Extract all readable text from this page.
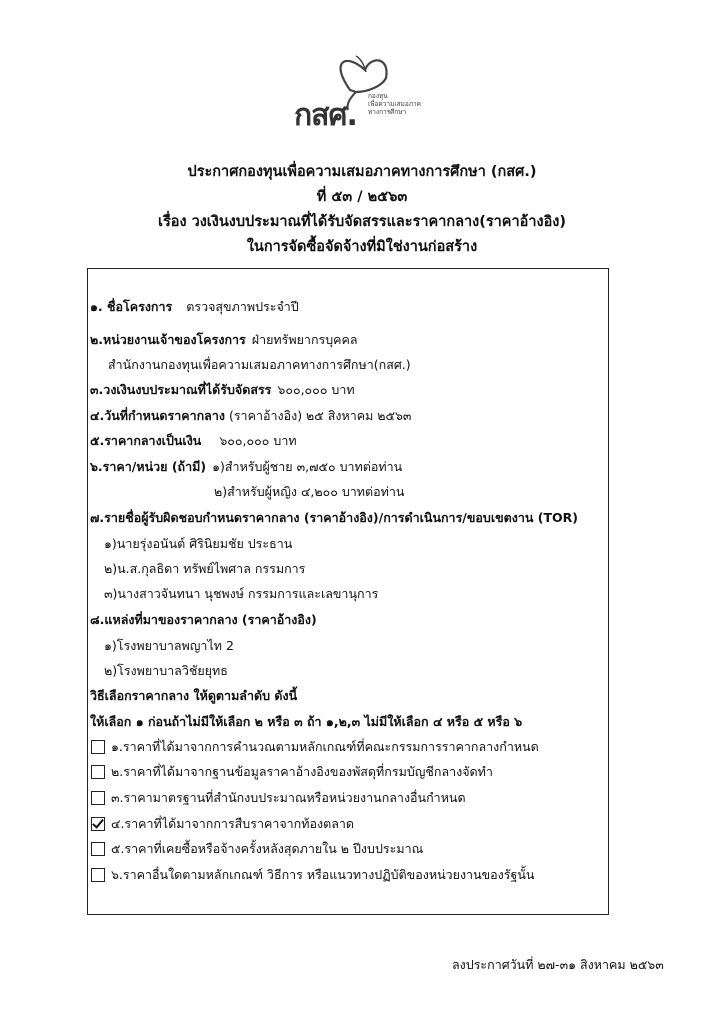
กสศ.
กองทุน
เพื่อความเสมอภาค
ทางการศึกษา
ประกาศกองทุนเพื่อความเสมอภาคทางการศึกษา (กสศ.)
ที่ ๕๓ / ๒๕๖๓
เรื่อง วงเงินงบประมาณที่ได้รับจัดสรรและราคากลาง(ราคาอ้างอิง)
ในการจัดซื้อจัดจ้างที่มิใช่งานก่อสร้าง
๑. ชื่อโครงการ ตรวจสุขภาพประจำปี
๒.หน่วยงานเจ้าของโครงการ ฝ่ายทรัพยากรบุคคล
สำนักงานกองทุนเพื่อความเสมอภาคทางการศึกษา(กสศ.)
๓.วงเงินงบประมาณที่ได้รับจัดสรร ๖๐๐,๐๐๐ บาท
๔.วันที่กำหนดราคากลาง (ราคาอ้างอิง) ๒๕ สิงหาคม ๒๕๖๓
๕.ราคากลางเป็นเงิน ๖๐๐,๐๐๐ บาท
๖.ราคา/หน่วย (ถ้ามี) ๑)สำหรับผู้ชาย ๓,๗๕๐ บาทต่อท่าน
๒)สำหรับผู้หญิง ๔,๒๐๐ บาทต่อท่าน
๗.รายชื่อผู้รับผิดชอบกำหนดราคากลาง (ราคาอ้างอิง)/การดำเนินการ/ขอบเขตงาน (TOR)
๑)นายรุ่งอนันต์ ศิรินิยมชัย ประธาน
๒)น.ส.กุลธิดา ทรัพย์ไพศาล กรรมการ
๓)นางสาวจันทนา นุชพงษ์ กรรมการและเลขานุการ
๘.แหล่งที่มาของราคากลาง (ราคาอ้างอิง)
๑)โรงพยาบาลพญาไท 2
๒)โรงพยาบาลวิชัยยุทธ
วิธีเลือกราคากลาง ให้ดูตามลำดับ ดังนี้
ให้เลือก ๑ ก่อนถ้าไม่มีให้เลือก ๒ หรือ ๓ ถ้า ๑,๒,๓ ไม่มีให้เลือก ๔ หรือ ๕ หรือ ๖
๑.ราคาที่ได้มาจากการคำนวณตามหลักเกณฑ์ที่คณะกรรมการราคากลางกำหนด
๒.ราคาที่ได้มาจากฐานข้อมูลราคาอ้างอิงของพัสดุที่กรมบัญชีกลางจัดทำ
๓.ราคามาตรฐานที่สำนักงบประมาณหรือหน่วยงานกลางอื่นกำหนด
๔.ราคาที่ได้มาจากการสืบราคาจากท้องตลาด
๕.ราคาที่เคยซื้อหรือจ้างครั้งหลังสุดภายใน ๒ ปีงบประมาณ
๖.ราคาอื่นใดตามหลักเกณฑ์ วิธีการ หรือแนวทางปฏิบัติของหน่วยงานของรัฐนั้น
ลงประกาศวันที่ ๒๗-๓๑ สิงหาคม ๒๕๖๓
